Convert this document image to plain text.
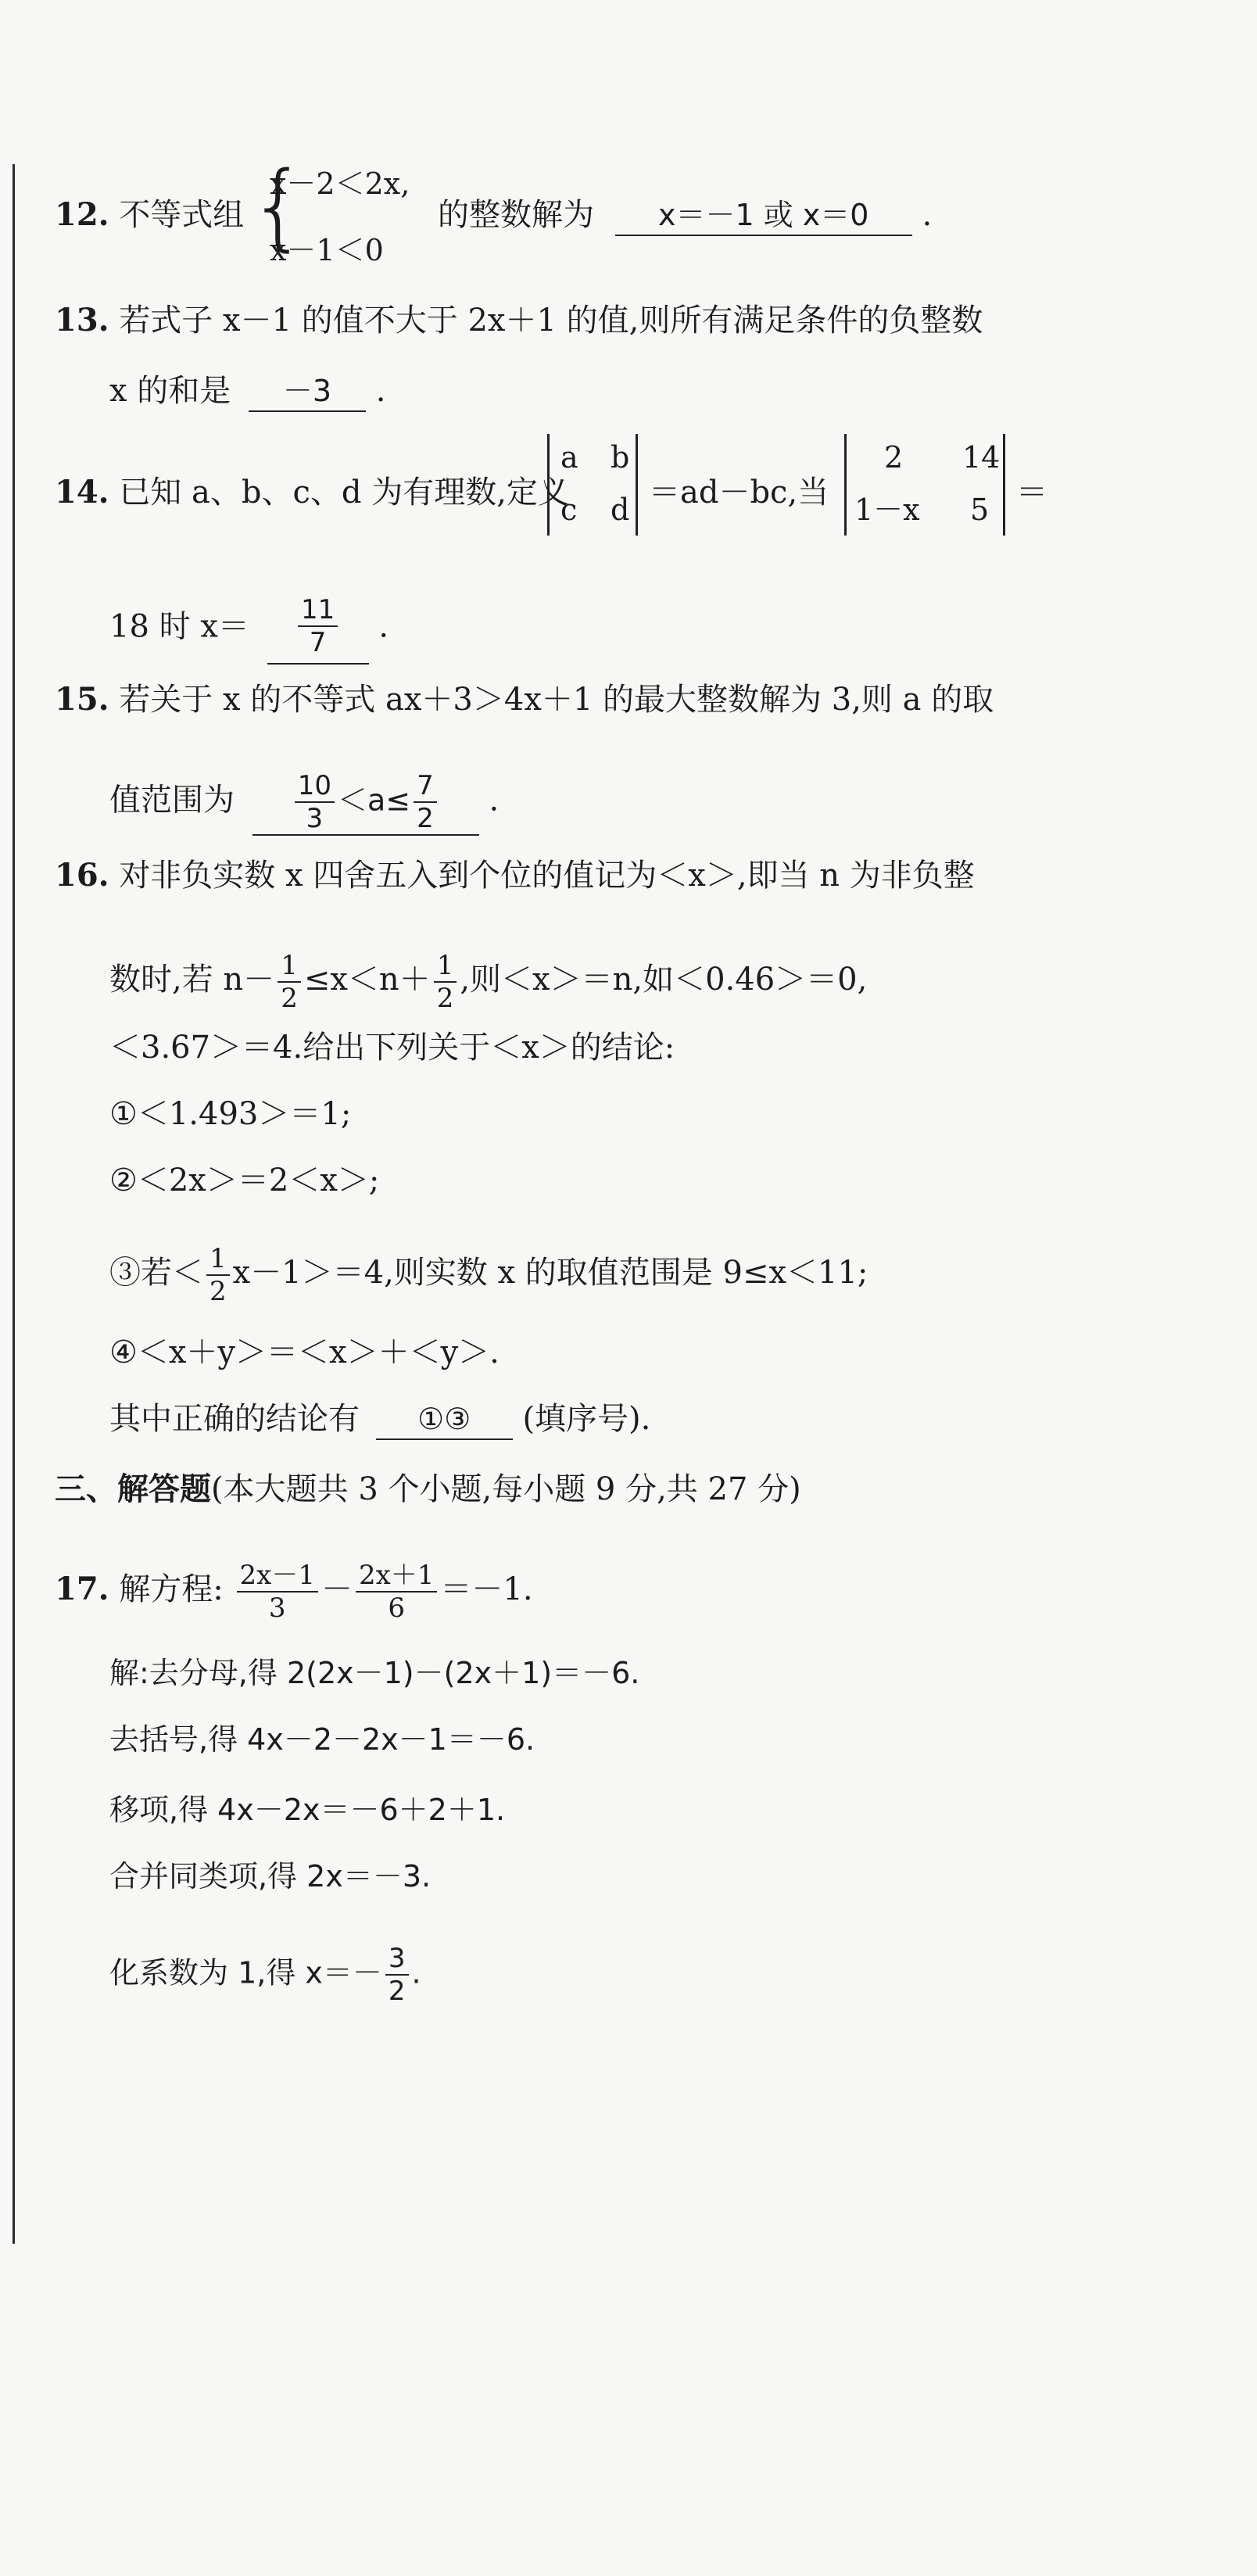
12. 不等式组 {
x－2＜2x,
x－1＜0
的整数解为 x＝－1 或 x＝0 .
13. 若式子 x－1 的值不大于 2x＋1 的值,则所有满足条件的负整数
x 的和是 －3 .
14. 已知 a、b、c、d 为有理数,定义
a b
c d ＝ad－bc,当
2 14
1－x 5 ＝
18 时 $x= \frac{11}{7}$ .
15. 若关于 x 的不等式 ax＋3＞4x＋1 的最大整数解为 3,则 a 的取
值范围为 $\frac{10}{3} <a\le \frac{7}{2}$ .
16. 对非负实数 x 四舍五入到个位的值记为＜x＞,即当 n 为非负整
数时,若 $n- \frac{1}{2} \le x<n+ \frac{1}{2}$ ,则＜x＞＝n,如＜0.46＞＝0,
＜3.67＞＝4.给出下列关于＜x＞的结论:
①＜1.493＞＝1;
②＜2x＞＝2＜x＞;
③若＜ $\frac{1}{2} x-1>=4$,则实数 x 的取值范围是 9≤x＜11;
④＜x＋y＞＝＜x＞＋＜y＞.
其中正确的结论有 ①③ (填序号).
三、解答题(本大题共 3 个小题,每小题 9 分,共 27 分)
17. 解方程: $\frac{2x-1}{3} - \frac{2x+1}{6} =-1$.
解:去分母,得 2(2x－1)－(2x＋1)＝－6.
去括号,得 4x－2－2x－1＝－6.
移项,得 4x－2x＝－6＋2＋1.
合并同类项,得 2x＝－3.
化系数为 1,得 $x=- \frac{3}{2}$ .
